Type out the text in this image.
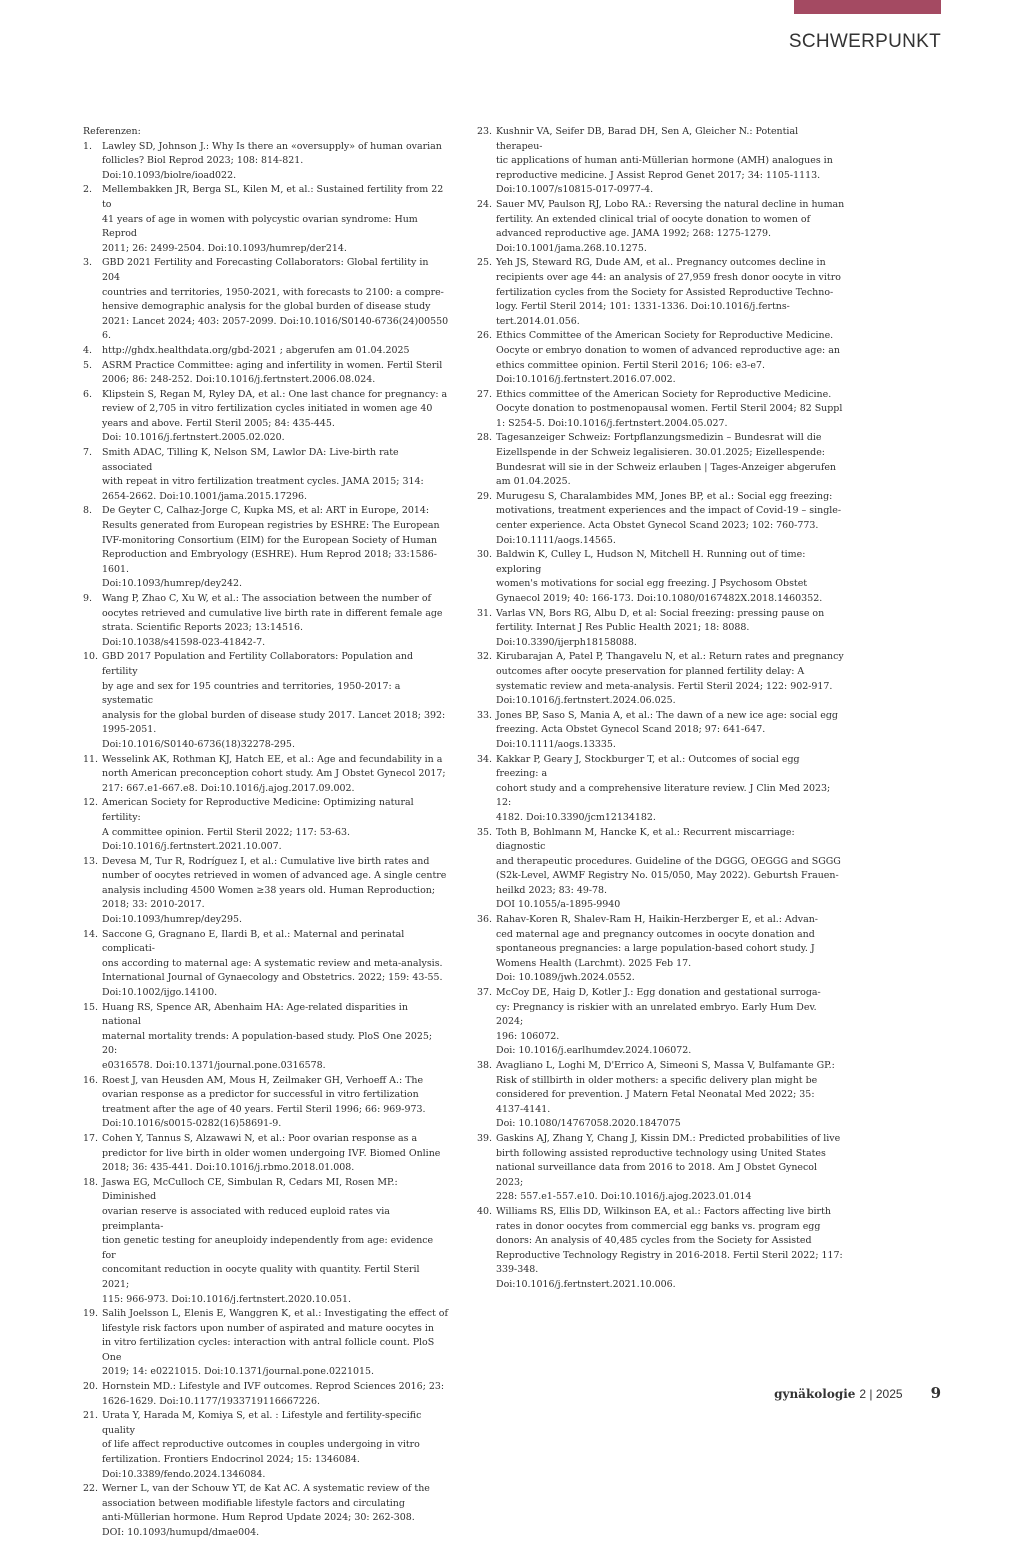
SCHWERPUNKT

Referenzen:

1. Lawley SD, Johnson J.: Why Is there an «oversupply» of human ovarian
follicles? Biol Reprod 2023; 108: 814-821.
Doi:10.1093/biolre/ioad022.
2. Mellembakken JR, Berga SL, Kilen M, et al.: Sustained fertility from 22 to
41 years of age in women with polycystic ovarian syndrome: Hum Reprod
2011; 26: 2499-2504. Doi:10.1093/humrep/der214.
3. GBD 2021 Fertility and Forecasting Collaborators: Global fertility in 204
countries and territories, 1950-2021, with forecasts to 2100: a compre-
hensive demographic analysis for the global burden of disease study
2021: Lancet 2024; 403: 2057-2099. Doi:10.1016/S0140-6736(24)00550
6.
4. http://ghdx.healthdata.org/gbd-2021 ; abgerufen am 01.04.2025
5. ASRM Practice Committee: aging and infertility in women. Fertil Steril
2006; 86: 248-252. Doi:10.1016/j.fertnstert.2006.08.024.
6. Klipstein S, Regan M, Ryley DA, et al.: One last chance for pregnancy: a
review of 2,705 in vitro fertilization cycles initiated in women age 40
years and above. Fertil Steril 2005; 84: 435-445.
Doi: 10.1016/j.fertnstert.2005.02.020.
7. Smith ADAC, Tilling K, Nelson SM, Lawlor DA: Live-birth rate associated
with repeat in vitro fertilization treatment cycles. JAMA 2015; 314:
2654-2662. Doi:10.1001/jama.2015.17296.
8. De Geyter C, Calhaz-Jorge C, Kupka MS, et al: ART in Europe, 2014:
Results generated from European registries by ESHRE: The European
IVF-monitoring Consortium (EIM) for the European Society of Human
Reproduction and Embryology (ESHRE). Hum Reprod 2018; 33:1586-
1601.
Doi:10.1093/humrep/dey242.
9. Wang P, Zhao C, Xu W, et al.: The association between the number of
oocytes retrieved and cumulative live birth rate in different female age
strata. Scientific Reports 2023; 13:14516.
Doi:10.1038/s41598-023-41842-7.
10. GBD 2017 Population and Fertility Collaborators: Population and fertility
by age and sex for 195 countries and territories, 1950-2017: a systematic
analysis for the global burden of disease study 2017. Lancet 2018; 392:
1995-2051.
Doi:10.1016/S0140-6736(18)32278-295.
11. Wesselink AK, Rothman KJ, Hatch EE, et al.: Age and fecundability in a
north American preconception cohort study. Am J Obstet Gynecol 2017;
217: 667.e1-667.e8. Doi:10.1016/j.ajog.2017.09.002.
12. American Society for Reproductive Medicine: Optimizing natural fertility:
A committee opinion. Fertil Steril 2022; 117: 53-63.
Doi:10.1016/j.fertnstert.2021.10.007.
13. Devesa M, Tur R, Rodríguez I, et al.: Cumulative live birth rates and
number of oocytes retrieved in women of advanced age. A single centre
analysis including 4500 Women ≥38 years old. Human Reproduction;
2018; 33: 2010-2017.
Doi:10.1093/humrep/dey295.
14. Saccone G, Gragnano E, Ilardi B, et al.: Maternal and perinatal complicati-
ons according to maternal age: A systematic review and meta-analysis.
International Journal of Gynaecology and Obstetrics. 2022; 159: 43-55.
Doi:10.1002/ijgo.14100.
15. Huang RS, Spence AR, Abenhaim HA: Age-related disparities in national
maternal mortality trends: A population-based study. PloS One 2025; 20:
e0316578. Doi:10.1371/journal.pone.0316578.
16. Roest J, van Heusden AM, Mous H, Zeilmaker GH, Verhoeff A.: The
ovarian response as a predictor for successful in vitro fertilization
treatment after the age of 40 years. Fertil Steril 1996; 66: 969-973.
Doi:10.1016/s0015-0282(16)58691-9.
17. Cohen Y, Tannus S, Alzawawi N, et al.: Poor ovarian response as a
predictor for live birth in older women undergoing IVF. Biomed Online
2018; 36: 435-441. Doi:10.1016/j.rbmo.2018.01.008.
18. Jaswa EG, McCulloch CE, Simbulan R, Cedars MI, Rosen MP.: Diminished
ovarian reserve is associated with reduced euploid rates via preimplanta-
tion genetic testing for aneuploidy independently from age: evidence for
concomitant reduction in oocyte quality with quantity. Fertil Steril 2021;
115: 966-973. Doi:10.1016/j.fertnstert.2020.10.051.
19. Salih Joelsson L, Elenis E, Wanggren K, et al.: Investigating the effect of
lifestyle risk factors upon number of aspirated and mature oocytes in
in vitro fertilization cycles: interaction with antral follicle count. PloS One
2019; 14: e0221015. Doi:10.1371/journal.pone.0221015.
20. Hornstein MD.: Lifestyle and IVF outcomes. Reprod Sciences 2016; 23:
1626-1629. Doi:10.1177/1933719116667226.
21. Urata Y, Harada M, Komiya S, et al. : Lifestyle and fertility-specific quality
of life affect reproductive outcomes in couples undergoing in vitro
fertilization. Frontiers Endocrinol 2024; 15: 1346084.
Doi:10.3389/fendo.2024.1346084.
22. Werner L, van der Schouw YT, de Kat AC. A systematic review of the
association between modifiable lifestyle factors and circulating
anti-Müllerian hormone. Hum Reprod Update 2024; 30: 262-308.
DOI: 10.1093/humupd/dmae004.
23. Kushnir VA, Seifer DB, Barad DH, Sen A, Gleicher N.: Potential therapeu-
tic applications of human anti-Müllerian hormone (AMH) analogues in
reproductive medicine. J Assist Reprod Genet 2017; 34: 1105-1113.
Doi:10.1007/s10815-017-0977-4.
24. Sauer MV, Paulson RJ, Lobo RA.: Reversing the natural decline in human
fertility. An extended clinical trial of oocyte donation to women of
advanced reproductive age. JAMA 1992; 268: 1275-1279.
Doi:10.1001/jama.268.10.1275.
25. Yeh JS, Steward RG, Dude AM, et al.. Pregnancy outcomes decline in
recipients over age 44: an analysis of 27,959 fresh donor oocyte in vitro
fertilization cycles from the Society for Assisted Reproductive Techno-
logy. Fertil Steril 2014; 101: 1331-1336. Doi:10.1016/j.fertns-
tert.2014.01.056.
26. Ethics Committee of the American Society for Reproductive Medicine.
Oocyte or embryo donation to women of advanced reproductive age: an
ethics committee opinion. Fertil Steril 2016; 106: e3-e7.
Doi:10.1016/j.fertnstert.2016.07.002.
27. Ethics committee of the American Society for Reproductive Medicine.
Oocyte donation to postmenopausal women. Fertil Steril 2004; 82 Suppl
1: S254-5. Doi:10.1016/j.fertnstert.2004.05.027.
28. Tagesanzeiger Schweiz: Fortpflanzungsmedizin – Bundesrat will die
Eizellspende in der Schweiz legalisieren. 30.01.2025; Eizellespende:
Bundesrat will sie in der Schweiz erlauben | Tages-Anzeiger abgerufen
am 01.04.2025.
29. Murugesu S, Charalambides MM, Jones BP, et al.: Social egg freezing:
motivations, treatment experiences and the impact of Covid-19 – single-
center experience. Acta Obstet Gynecol Scand 2023; 102: 760-773.
Doi:10.1111/aogs.14565.
30. Baldwin K, Culley L, Hudson N, Mitchell H. Running out of time: exploring
women's motivations for social egg freezing. J Psychosom Obstet
Gynaecol 2019; 40: 166-173. Doi:10.1080/0167482X.2018.1460352.
31. Varlas VN, Bors RG, Albu D, et al: Social freezing: pressing pause on
fertility. Internat J Res Public Health 2021; 18: 8088.
Doi:10.3390/ijerph18158088.
32. Kirubarajan A, Patel P, Thangavelu N, et al.: Return rates and pregnancy
outcomes after oocyte preservation for planned fertility delay: A
systematic review and meta-analysis. Fertil Steril 2024; 122: 902-917.
Doi:10.1016/j.fertnstert.2024.06.025.
33. Jones BP, Saso S, Mania A, et al.: The dawn of a new ice age: social egg
freezing. Acta Obstet Gynecol Scand 2018; 97: 641-647.
Doi:10.1111/aogs.13335.
34. Kakkar P, Geary J, Stockburger T, et al.: Outcomes of social egg freezing: a
cohort study and a comprehensive literature review. J Clin Med 2023; 12:
4182. Doi:10.3390/jcm12134182.
35. Toth B, Bohlmann M, Hancke K, et al.: Recurrent miscarriage: diagnostic
and therapeutic procedures. Guideline of the DGGG, OEGGG and SGGG
(S2k-Level, AWMF Registry No. 015/050, May 2022). Geburtsh Frauen-
heilkd 2023; 83: 49-78.
DOI 10.1055/a-1895-9940
36. Rahav-Koren R, Shalev-Ram H, Haikin-Herzberger E, et al.: Advan-
ced maternal age and pregnancy outcomes in oocyte donation and
spontaneous pregnancies: a large population-based cohort study. J
Womens Health (Larchmt). 2025 Feb 17.
Doi: 10.1089/jwh.2024.0552.
37. McCoy DE, Haig D, Kotler J.: Egg donation and gestational surroga-
cy: Pregnancy is riskier with an unrelated embryo. Early Hum Dev. 2024;
196: 106072.
Doi: 10.1016/j.earlhumdev.2024.106072.
38. Avagliano L, Loghi M, D'Errico A, Simeoni S, Massa V, Bulfamante GP.:
Risk of stillbirth in older mothers: a specific delivery plan might be
considered for prevention. J Matern Fetal Neonatal Med 2022; 35:
4137-4141.
Doi: 10.1080/14767058.2020.1847075
39. Gaskins AJ, Zhang Y, Chang J, Kissin DM.: Predicted probabilities of live
birth following assisted reproductive technology using United States
national surveillance data from 2016 to 2018. Am J Obstet Gynecol 2023;
228: 557.e1-557.e10. Doi:10.1016/j.ajog.2023.01.014
40. Williams RS, Ellis DD, Wilkinson EA, et al.: Factors affecting live birth
rates in donor oocytes from commercial egg banks vs. program egg
donors: An analysis of 40,485 cycles from the Society for Assisted
Reproductive Technology Registry in 2016-2018. Fertil Steril 2022; 117:
339-348.
Doi:10.1016/j.fertnstert.2021.10.006.
gynäkologie 2 | 2025 9
